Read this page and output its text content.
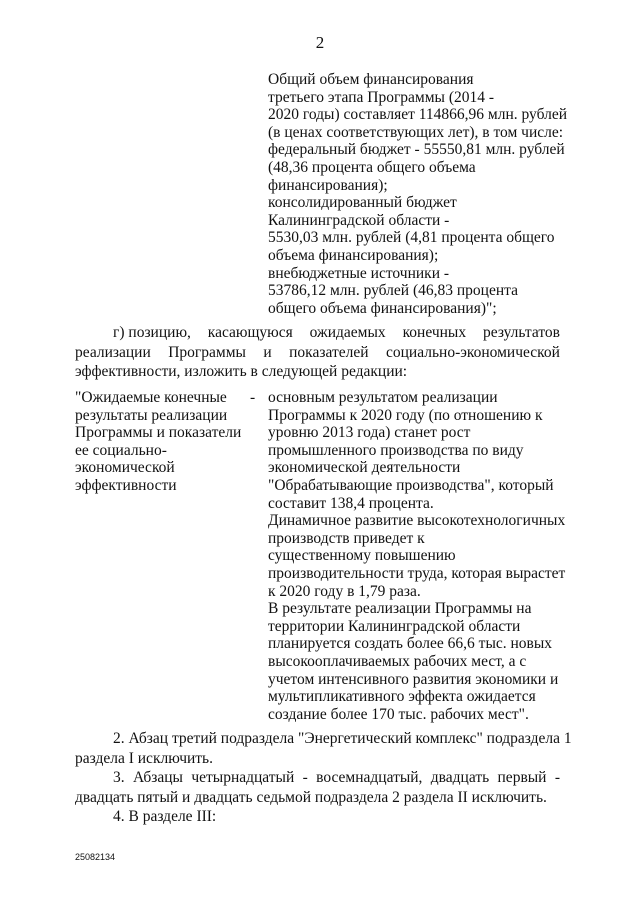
2
Общий объем финансирования
третьего этапа Программы (2014 -
2020 годы) составляет 114866,96 млн. рублей
(в ценах соответствующих лет), в том числе:
федеральный бюджет - 55550,81 млн. рублей
(48,36 процента общего объема
финансирования);
консолидированный бюджет
Калининградской области -
5530,03 млн. рублей (4,81 процента общего
объема финансирования);
внебюджетные источники -
53786,12 млн. рублей (46,83 процента
общего объема финансирования)";
г) позицию, касающуюся ожидаемых конечных результатов
реализации Программы и показателей социально-экономической
эффективности, изложить в следующей редакции:
"Ожидаемые конечные
результаты реализации
Программы и показатели
ее социально-
экономической
эффективности
- основным результатом реализации
Программы к 2020 году (по отношению к
уровню 2013 года) станет рост
промышленного производства по виду
экономической деятельности
"Обрабатывающие производства", который
составит 138,4 процента.
Динамичное развитие высокотехнологичных
производств приведет к
существенному повышению
производительности труда, которая вырастет
к 2020 году в 1,79 раза.
В результате реализации Программы на
территории Калининградской области
планируется создать более 66,6 тыс. новых
высокооплачиваемых рабочих мест, а с
учетом интенсивного развития экономики и
мультипликативного эффекта ожидается
создание более 170 тыс. рабочих мест".
2. Абзац третий подраздела "Энергетический комплекс" подраздела 1
раздела I исключить.
3. Абзацы четырнадцатый - восемнадцатый, двадцать первый -
двадцать пятый и двадцать седьмой подраздела 2 раздела II исключить.
4. В разделе III:
25082134
